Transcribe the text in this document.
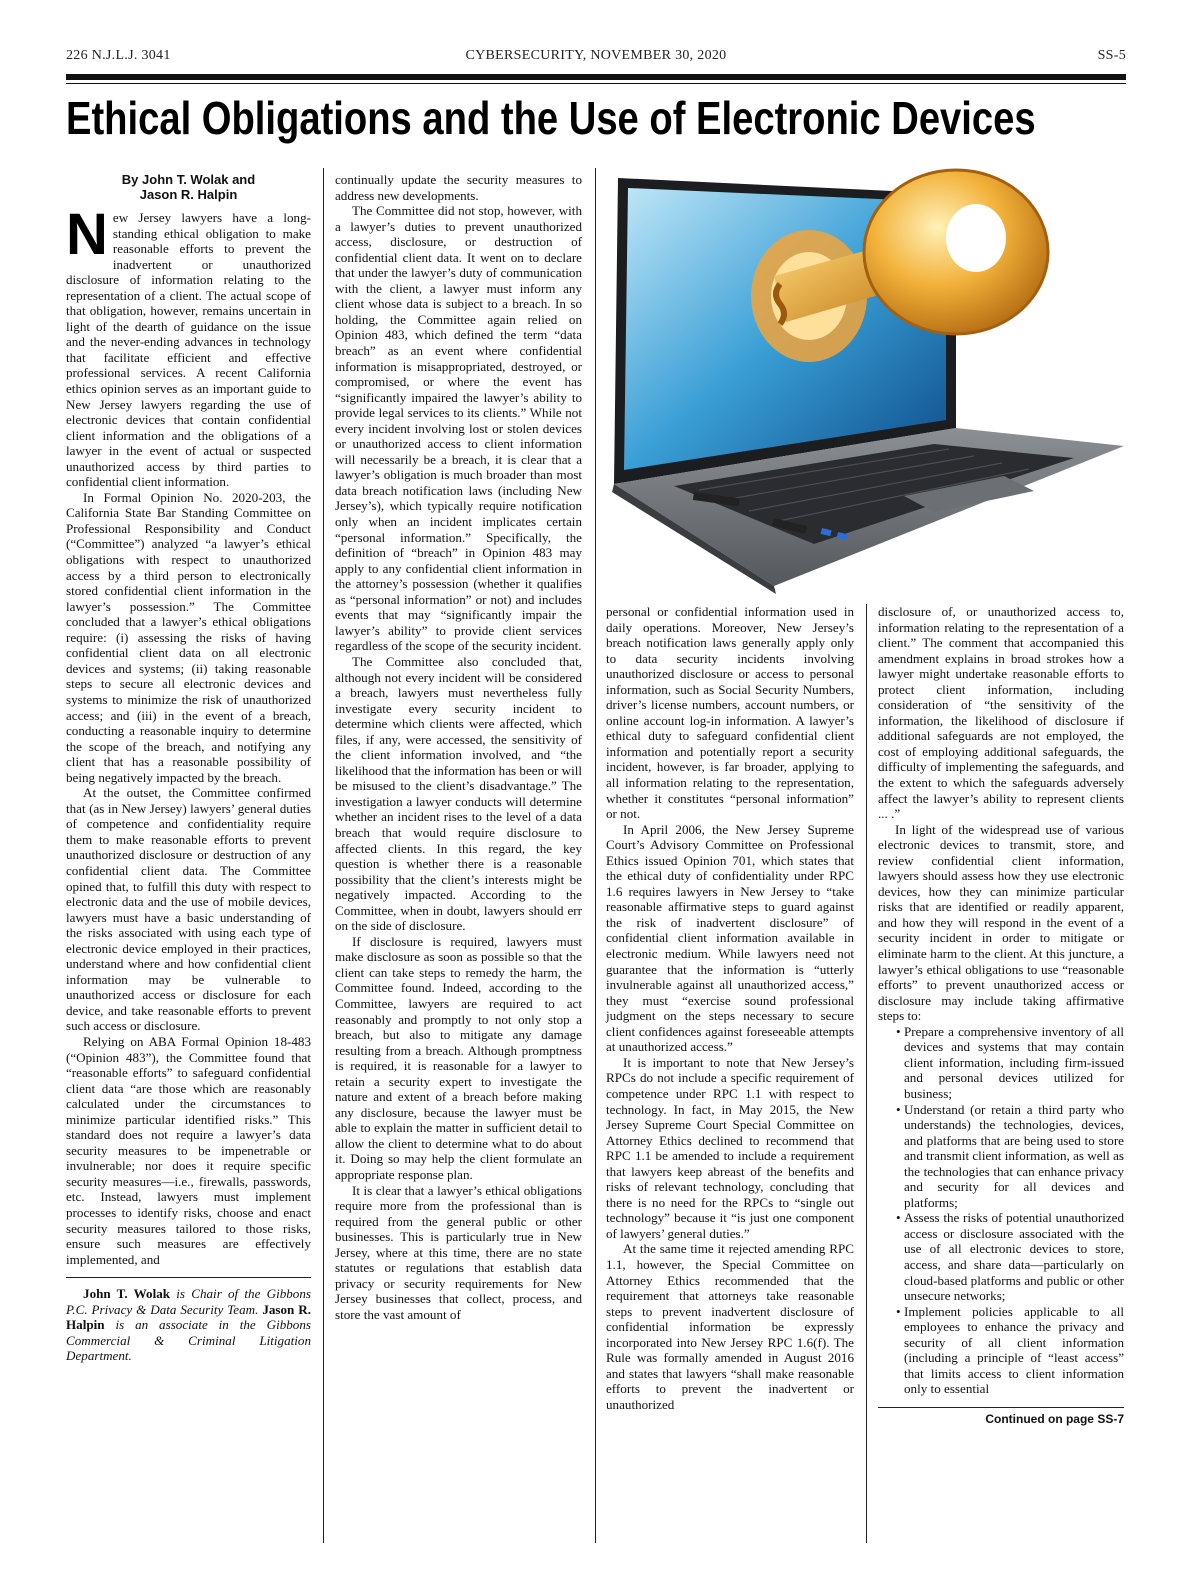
226 N.J.L.J. 3041	CYBERSECURITY, NOVEMBER 30, 2020	SS-5
Ethical Obligations and the Use of Electronic Devices
By John T. Wolak and
Jason R. Halpin

New Jersey lawyers have a long-standing ethical obligation to make reasonable efforts to prevent the inadvertent or unauthorized disclosure of information relating to the representation of a client. The actual scope of that obligation, however, remains uncertain in light of the dearth of guidance on the issue and the never-ending advances in technology that facilitate efficient and effective professional services. A recent California ethics opinion serves as an important guide to New Jersey lawyers regarding the use of electronic devices that contain confidential client information and the obligations of a lawyer in the event of actual or suspected unauthorized access by third parties to confidential client information.

In Formal Opinion No. 2020-203, the California State Bar Standing Committee on Professional Responsibility and Conduct (“Committee”) analyzed “a lawyer’s ethical obligations with respect to unauthorized access by a third person to electronically stored confidential client information in the lawyer’s possession.” The Committee concluded that a lawyer’s ethical obligations require: (i) assessing the risks of having confidential client data on all electronic devices and systems; (ii) taking reasonable steps to secure all electronic devices and systems to minimize the risk of unauthorized access; and (iii) in the event of a breach, conducting a reasonable inquiry to determine the scope of the breach, and notifying any client that has a reasonable possibility of being negatively impacted by the breach.

At the outset, the Committee confirmed that (as in New Jersey) lawyers’ general duties of competence and confidentiality require them to make reasonable efforts to prevent unauthorized disclosure or destruction of any confidential client data. The Committee opined that, to fulfill this duty with respect to electronic data and the use of mobile devices, lawyers must have a basic understanding of the risks associated with using each type of electronic device employed in their practices, understand where and how confidential client information may be vulnerable to unauthorized access or disclosure for each device, and take reasonable efforts to prevent such access or disclosure.

Relying on ABA Formal Opinion 18-483 (“Opinion 483”), the Committee found that “reasonable efforts” to safeguard confidential client data “are those which are reasonably calculated under the circumstances to minimize particular identified risks.” This standard does not require a lawyer’s data security measures to be impenetrable or invulnerable; nor does it require specific security measures—i.e., firewalls, passwords, etc. Instead, lawyers must implement processes to identify risks, choose and enact security measures tailored to those risks, ensure such measures are effectively implemented, and

John T. Wolak is Chair of the Gibbons P.C. Privacy & Data Security Team. Jason R. Halpin is an associate in the Gibbons Commercial & Criminal Litigation Department.

continually update the security measures to address new developments.

The Committee did not stop, however, with a lawyer’s duties to prevent unauthorized access, disclosure, or destruction of confidential client data. It went on to declare that under the lawyer’s duty of communication with the client, a lawyer must inform any client whose data is subject to a breach. In so holding, the Committee again relied on Opinion 483, which defined the term “data breach” as an event where confidential information is misappropriated, destroyed, or compromised, or where the event has “significantly impaired the lawyer’s ability to provide legal services to its clients.” While not every incident involving lost or stolen devices or unauthorized access to client information will necessarily be a breach, it is clear that a lawyer’s obligation is much broader than most data breach notification laws (including New Jersey’s), which typically require notification only when an incident implicates certain “personal information.” Specifically, the definition of “breach” in Opinion 483 may apply to any confidential client information in the attorney’s possession (whether it qualifies as “personal information” or not) and includes events that may “significantly impair the lawyer’s ability” to provide client services regardless of the scope of the security incident.

The Committee also concluded that, although not every incident will be considered a breach, lawyers must nevertheless fully investigate every security incident to determine which clients were affected, which files, if any, were accessed, the sensitivity of the client information involved, and “the likelihood that the information has been or will be misused to the client’s disadvantage.” The investigation a lawyer conducts will determine whether an incident rises to the level of a data breach that would require disclosure to affected clients. In this regard, the key question is whether there is a reasonable possibility that the client’s interests might be negatively impacted. According to the Committee, when in doubt, lawyers should err on the side of disclosure.

If disclosure is required, lawyers must make disclosure as soon as possible so that the client can take steps to remedy the harm, the Committee found. Indeed, according to the Committee, lawyers are required to act reasonably and promptly to not only stop a breach, but also to mitigate any damage resulting from a breach. Although promptness is required, it is reasonable for a lawyer to retain a security expert to investigate the nature and extent of a breach before making any disclosure, because the lawyer must be able to explain the matter in sufficient detail to allow the client to determine what to do about it. Doing so may help the client formulate an appropriate response plan.

It is clear that a lawyer’s ethical obligations require more from the professional than is required from the general public or other businesses. This is particularly true in New Jersey, where at this time, there are no state statutes or regulations that establish data privacy or security requirements for New Jersey businesses that collect, process, and store the vast amount of

personal or confidential information used in daily operations. Moreover, New Jersey’s breach notification laws generally apply only to data security incidents involving unauthorized disclosure or access to personal information, such as Social Security Numbers, driver’s license numbers, account numbers, or online account log-in information. A lawyer’s ethical duty to safeguard confidential client information and potentially report a security incident, however, is far broader, applying to all information relating to the representation, whether it constitutes “personal information” or not.

In April 2006, the New Jersey Supreme Court’s Advisory Committee on Professional Ethics issued Opinion 701, which states that the ethical duty of confidentiality under RPC 1.6 requires lawyers in New Jersey to “take reasonable affirmative steps to guard against the risk of inadvertent disclosure” of confidential client information available in electronic medium. While lawyers need not guarantee that the information is “utterly invulnerable against all unauthorized access,” they must “exercise sound professional judgment on the steps necessary to secure client confidences against foreseeable attempts at unauthorized access.”

It is important to note that New Jersey’s RPCs do not include a specific requirement of competence under RPC 1.1 with respect to technology. In fact, in May 2015, the New Jersey Supreme Court Special Committee on Attorney Ethics declined to recommend that RPC 1.1 be amended to include a requirement that lawyers keep abreast of the benefits and risks of relevant technology, concluding that there is no need for the RPCs to “single out technology” because it “is just one component of lawyers’ general duties.”

At the same time it rejected amending RPC 1.1, however, the Special Committee on Attorney Ethics recommended that the requirement that attorneys take reasonable steps to prevent inadvertent disclosure of confidential information be expressly incorporated into New Jersey RPC 1.6(f). The Rule was formally amended in August 2016 and states that lawyers “shall make reasonable efforts to prevent the inadvertent or unauthorized

disclosure of, or unauthorized access to, information relating to the representation of a client.” The comment that accompanied this amendment explains in broad strokes how a lawyer might undertake reasonable efforts to protect client information, including consideration of “the sensitivity of the information, the likelihood of disclosure if additional safeguards are not employed, the cost of employing additional safeguards, the difficulty of implementing the safeguards, and the extent to which the safeguards adversely affect the lawyer’s ability to represent clients ... .”

In light of the widespread use of various electronic devices to transmit, store, and review confidential client information, lawyers should assess how they use electronic devices, how they can minimize particular risks that are identified or readily apparent, and how they will respond in the event of a security incident in order to mitigate or eliminate harm to the client. At this juncture, a lawyer’s ethical obligations to use “reasonable efforts” to prevent unauthorized access or disclosure may include taking affirmative steps to:

• Prepare a comprehensive inventory of all devices and systems that may contain client information, including firm-issued and personal devices utilized for business;
• Understand (or retain a third party who understands) the technologies, devices, and platforms that are being used to store and transmit client information, as well as the technologies that can enhance privacy and security for all devices and platforms;
• Assess the risks of potential unauthorized access or disclosure associated with the use of all electronic devices to store, access, and share data—particularly on cloud-based platforms and public or other unsecure networks;
• Implement policies applicable to all employees to enhance the privacy and security of all client information (including a principle of “least access” that limits access to client information only to essential
Continued on page SS-7
